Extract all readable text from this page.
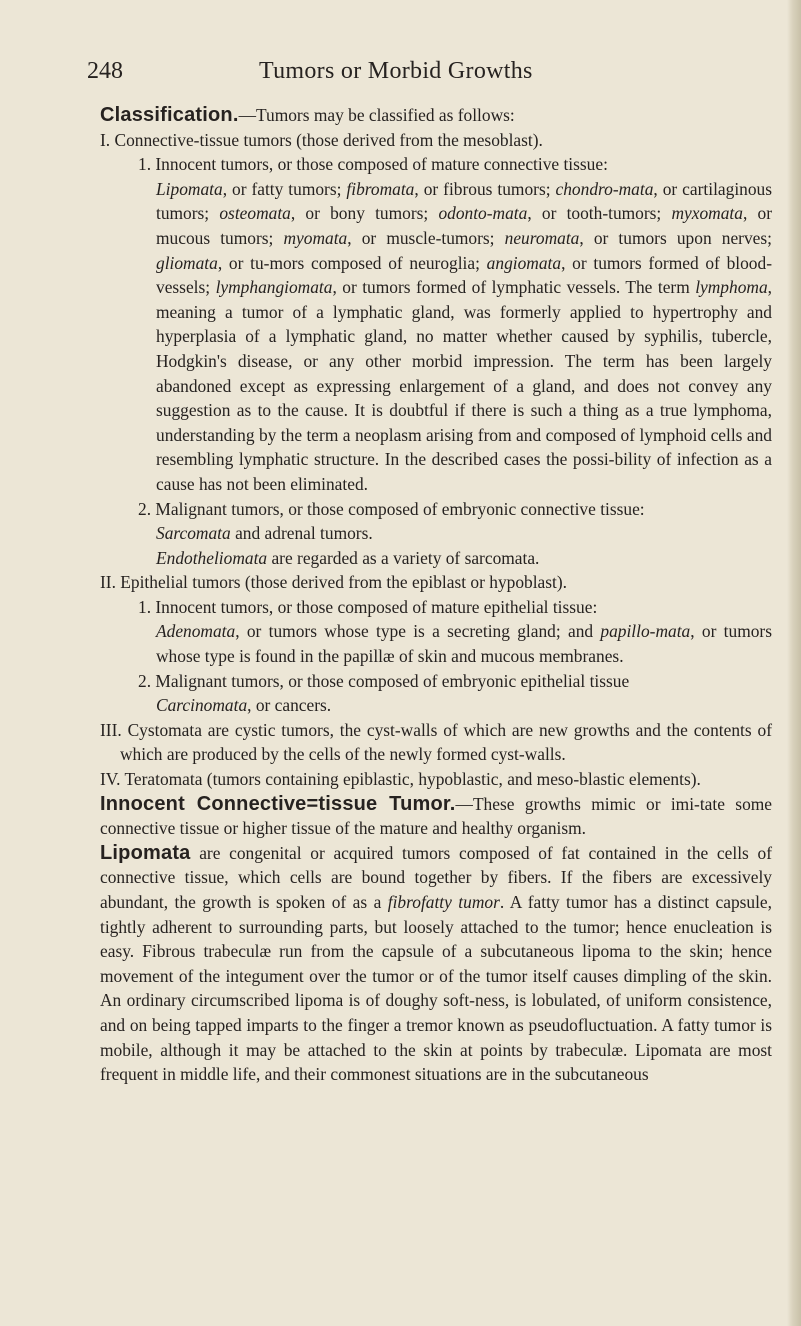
248	Tumors or Morbid Growths

Classification.—Tumors may be classified as follows:

I. Connective-tissue tumors (those derived from the mesoblast).

1. Innocent tumors, or those composed of mature connective tissue:

Lipomata, or fatty tumors; fibromata, or fibrous tumors; chondro-mata, or cartilaginous tumors; osteomata, or bony tumors; odonto-mata, or tooth-tumors; myxomata, or mucous tumors; myomata, or muscle-tumors; neuromata, or tumors upon nerves; gliomata, or tu-mors composed of neuroglia; angiomata, or tumors formed of blood-vessels; lymphangiomata, or tumors formed of lymphatic vessels. The term lymphoma, meaning a tumor of a lymphatic gland, was formerly applied to hypertrophy and hyperplasia of a lymphatic gland, no matter whether caused by syphilis, tubercle, Hodgkin's disease, or any other morbid impression. The term has been largely abandoned except as expressing enlargement of a gland, and does not convey any suggestion as to the cause. It is doubtful if there is such a thing as a true lymphoma, understanding by the term a neoplasm arising from and composed of lymphoid cells and resembling lymphatic structure. In the described cases the possi-bility of infection as a cause has not been eliminated.

2. Malignant tumors, or those composed of embryonic connective tissue:

Sarcomata and adrenal tumors.

Endotheliomata are regarded as a variety of sarcomata.

II. Epithelial tumors (those derived from the epiblast or hypoblast).

1. Innocent tumors, or those composed of mature epithelial tissue:

Adenomata, or tumors whose type is a secreting gland; and papillo-mata, or tumors whose type is found in the papillæ of skin and mucous membranes.

2. Malignant tumors, or those composed of embryonic epithelial tissue

Carcinomata, or cancers.

III. Cystomata are cystic tumors, the cyst-walls of which are new growths and the contents of which are produced by the cells of the newly formed cyst-walls.

IV. Teratomata (tumors containing epiblastic, hypoblastic, and meso-blastic elements).

Innocent Connective=tissue Tumor.—These growths mimic or imi-tate some connective tissue or higher tissue of the mature and healthy organism.

Lipomata are congenital or acquired tumors composed of fat contained in the cells of connective tissue, which cells are bound together by fibers. If the fibers are excessively abundant, the growth is spoken of as a fibrofatty tumor. A fatty tumor has a distinct capsule, tightly adherent to surrounding parts, but loosely attached to the tumor; hence enucleation is easy. Fibrous trabeculæ run from the capsule of a subcutaneous lipoma to the skin; hence movement of the integument over the tumor or of the tumor itself causes dimpling of the skin. An ordinary circumscribed lipoma is of doughy soft-ness, is lobulated, of uniform consistence, and on being tapped imparts to the finger a tremor known as pseudofluctuation. A fatty tumor is mobile, although it may be attached to the skin at points by trabeculæ. Lipomata are most frequent in middle life, and their commonest situations are in the subcutaneous
